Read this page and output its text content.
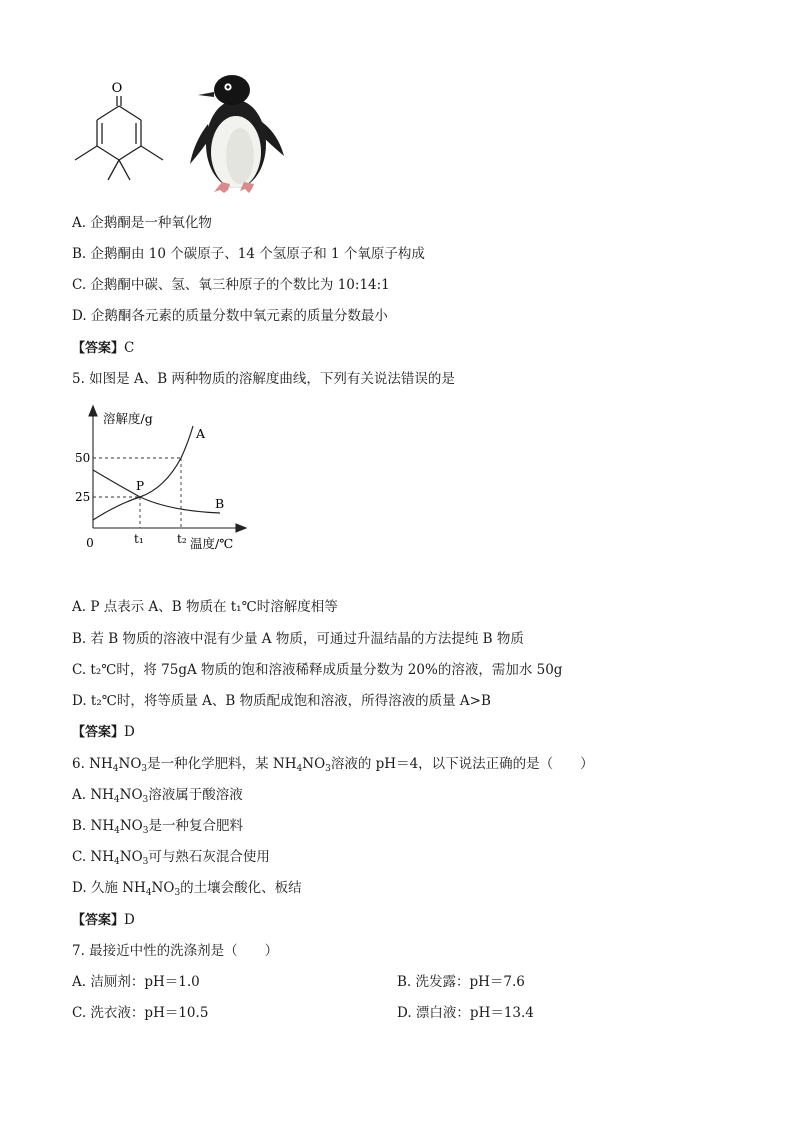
O
A. 企鹅酮是一种氧化物
B. 企鹅酮由 10 个碳原子、14 个氢原子和 1 个氧原子构成
C. 企鹅酮中碳、氢、氧三种原子的个数比为 10:14:1
D. 企鹅酮各元素的质量分数中氧元素的质量分数最小
【答案】C
5. 如图是 A、B 两种物质的溶解度曲线，下列有关说法错误的是
溶解度/g
温度/℃
0
50
25
t₁	t₂
P
A
B
A. P 点表示 A、B 物质在 t₁℃时溶解度相等
B. 若 B 物质的溶液中混有少量 A 物质，可通过升温结晶的方法提纯 B 物质
C. t₂℃时，将 75gA 物质的饱和溶液稀释成质量分数为 20%的溶液，需加水 50g
D. t₂℃时，将等质量 A、B 物质配成饱和溶液，所得溶液的质量 A>B
【答案】D
6. $NH_4NO_3$是一种化学肥料，某 $NH_4NO_3$溶液的 pH＝4，以下说法正确的是（　　）
A. $NH_4NO_3$溶液属于酸溶液
B. $NH_4NO_3$是一种复合肥料
C. $NH_4NO_3$可与熟石灰混合使用
D. 久施 $NH_4NO_3$的土壤会酸化、板结
【答案】D
7. 最接近中性的洗涤剂是（　　）
A. 洁厕剂：pH＝1.0	B. 洗发露：pH＝7.6
C. 洗衣液：pH＝10.5	D. 漂白液：pH＝13.4
